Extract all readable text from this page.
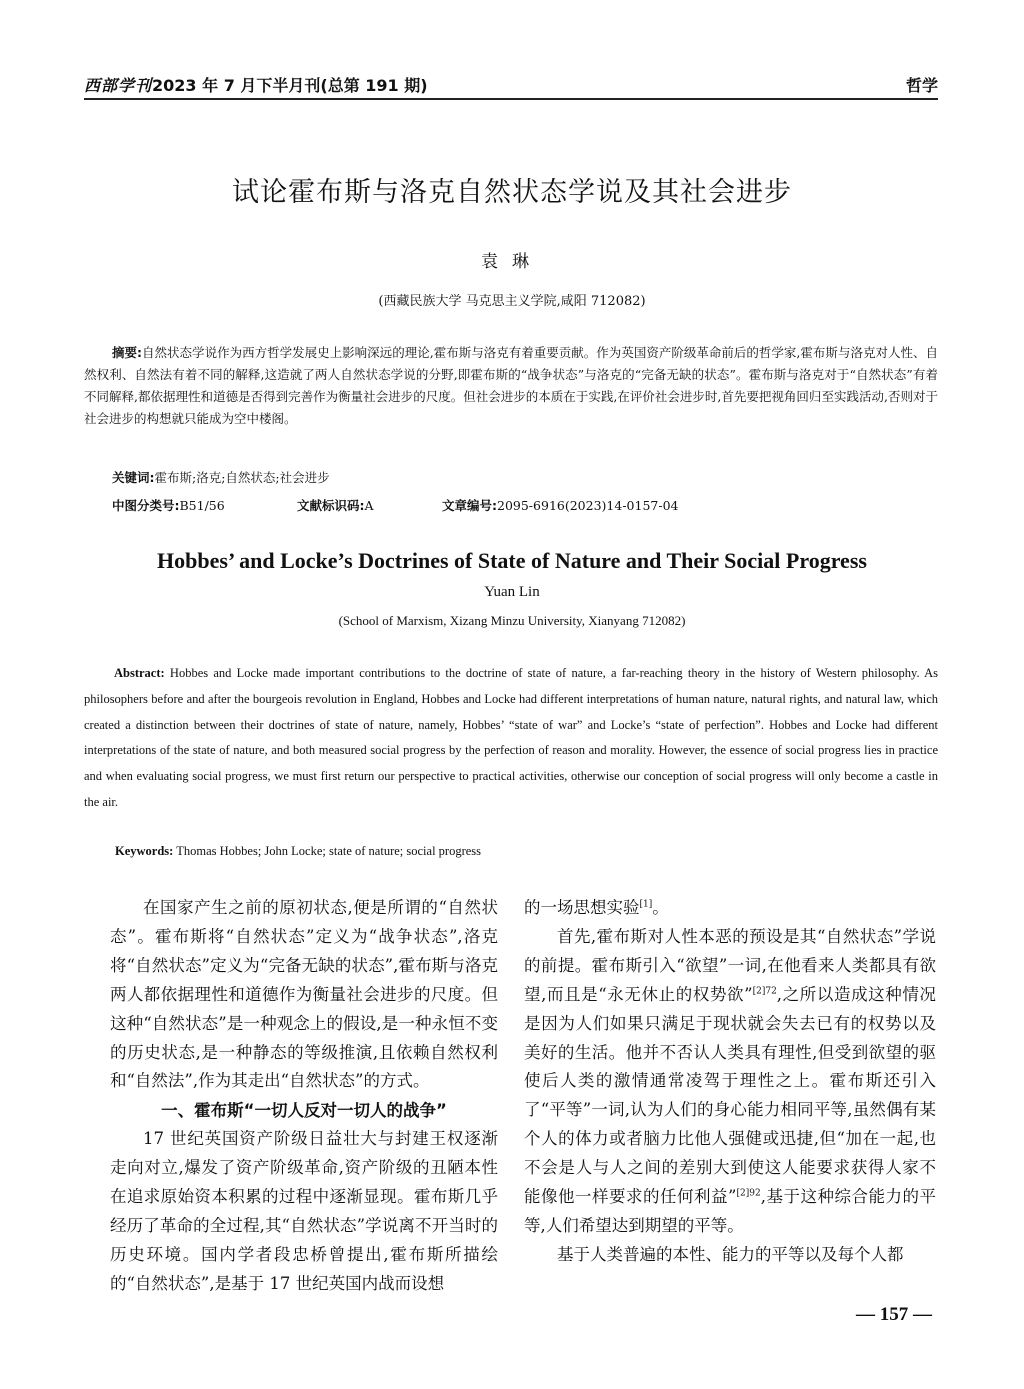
西部学刊2023 年 7 月下半月刊(总第 191 期)	哲学
试论霍布斯与洛克自然状态学说及其社会进步
袁琳
(西藏民族大学 马克思主义学院,咸阳 712082)
摘要:自然状态学说作为西方哲学发展史上影响深远的理论,霍布斯与洛克有着重要贡献。作为英国资产阶级革命前后的哲学家,霍布斯与洛克对人性、自然权利、自然法有着不同的解释,这造就了两人自然状态学说的分野,即霍布斯的“战争状态”与洛克的“完备无缺的状态”。霍布斯与洛克对于“自然状态”有着不同解释,都依据理性和道德是否得到完善作为衡量社会进步的尺度。但社会进步的本质在于实践,在评价社会进步时,首先要把视角回归至实践活动,否则对于社会进步的构想就只能成为空中楼阁。
关键词:霍布斯;洛克;自然状态;社会进步
中图分类号:B51/56	文献标识码:A	文章编号:2095-6916(2023)14-0157-04
Hobbes’ and Locke’s Doctrines of State of Nature and Their Social Progress
Yuan Lin
(School of Marxism, Xizang Minzu University, Xianyang 712082)
Abstract: Hobbes and Locke made important contributions to the doctrine of state of nature, a far-reaching theory in the history of Western philosophy. As philosophers before and after the bourgeois revolution in England, Hobbes and Locke had different interpretations of human nature, natural rights, and natural law, which created a distinction between their doctrines of state of nature, namely, Hobbes’ “state of war” and Locke’s “state of perfection”. Hobbes and Locke had different interpretations of the state of nature, and both measured social progress by the perfection of reason and morality. However, the essence of social progress lies in practice and when evaluating social progress, we must first return our perspective to practical activities, otherwise our conception of social progress will only become a castle in the air.
Keywords: Thomas Hobbes; John Locke; state of nature; social progress

在国家产生之前的原初状态,便是所谓的“自然状态”。霍布斯将“自然状态”定义为“战争状态”,洛克将“自然状态”定义为“完备无缺的状态”,霍布斯与洛克两人都依据理性和道德作为衡量社会进步的尺度。但这种“自然状态”是一种观念上的假设,是一种永恒不变的历史状态,是一种静态的等级推演,且依赖自然权利和“自然法”,作为其走出“自然状态”的方式。

一、霍布斯“一切人反对一切人的战争”

17 世纪英国资产阶级日益壮大与封建王权逐渐走向对立,爆发了资产阶级革命,资产阶级的丑陋本性在追求原始资本积累的过程中逐渐显现。霍布斯几乎经历了革命的全过程,其“自然状态”学说离不开当时的历史环境。国内学者段忠桥曾提出,霍布斯所描绘的“自然状态”,是基于 17 世纪英国内战而设想

的一场思想实验[1]。

首先,霍布斯对人性本恶的预设是其“自然状态”学说的前提。霍布斯引入“欲望”一词,在他看来人类都具有欲望,而且是“永无休止的权势欲”$^{[2]72}$,之所以造成这种情况是因为人们如果只满足于现状就会失去已有的权势以及美好的生活。他并不否认人类具有理性,但受到欲望的驱使后人类的激情通常凌驾于理性之上。霍布斯还引入了“平等”一词,认为人们的身心能力相同平等,虽然偶有某个人的体力或者脑力比他人强健或迅捷,但“加在一起,也不会是人与人之间的差别大到使这人能要求获得人家不能像他一样要求的任何利益”$^{[2]92}$,基于这种综合能力的平等,人们希望达到期望的平等。

基于人类普遍的本性、能力的平等以及每个人都

— 157 —
